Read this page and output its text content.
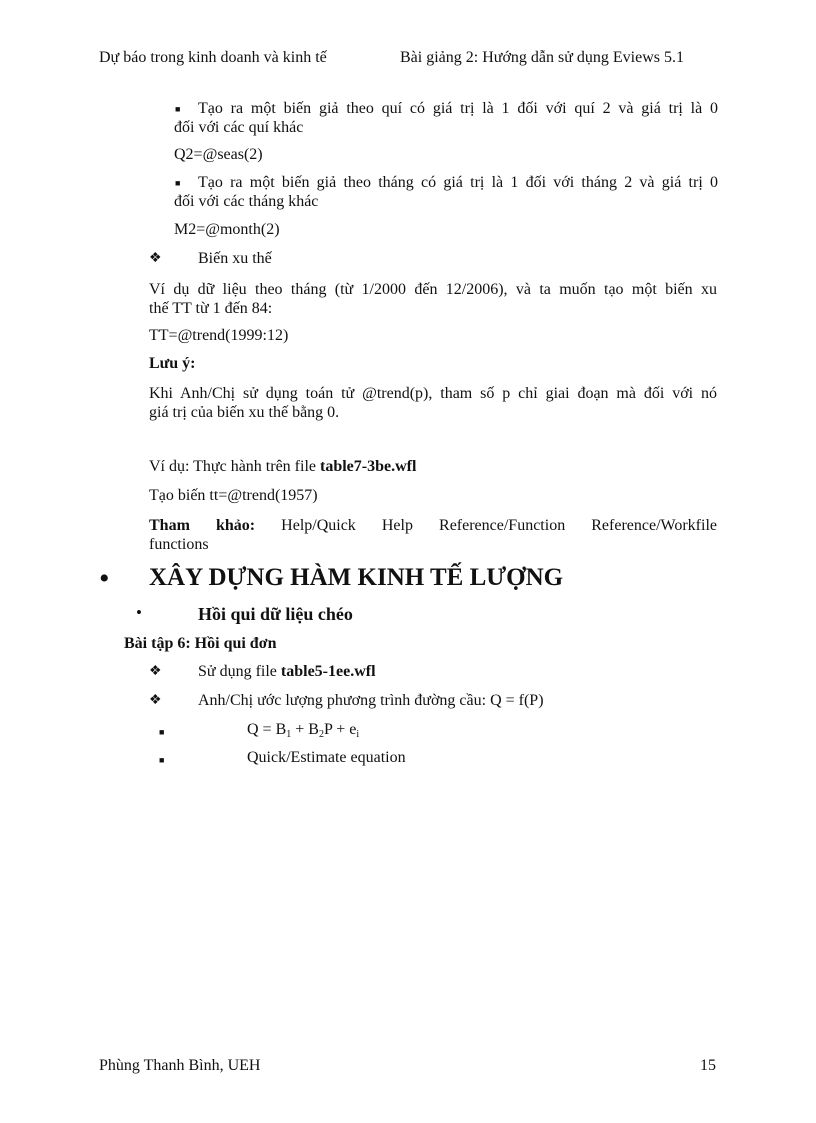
Dự báo trong kinh doanh và kinh tế	Bài giảng 2: Hướng dẫn sử dụng Eviews 5.1
■	Tạo ra một biến giả theo quí có giá trị là 1 đối với quí 2 và giá trị là 0
đối với các quí khác
Q2=@seas(2)
■	Tạo ra một biến giả theo tháng có giá trị là 1 đối với tháng 2 và giá trị 0
đối với các tháng khác
M2=@month(2)
❖ Biến xu thế
Ví dụ dữ liệu theo tháng (từ 1/2000 đến 12/2006), và ta muốn tạo một biến xu
thế TT từ 1 đến 84:
TT=@trend(1999:12)
Lưu ý:
Khi Anh/Chị sử dụng toán tử @trend(p), tham số p chỉ giai đoạn mà đối với nó
giá trị của biến xu thế bằng 0.
Ví dụ: Thực hành trên file table7-3be.wfl
Tạo biến tt=@trend(1957)
Tham khảo: Help/Quick Help Reference/Function Reference/Workfile
functions
• XÂY DỰNG HÀM KINH TẾ LƯỢNG
•	Hồi qui dữ liệu chéo
Bài tập 6: Hồi qui đơn
❖ Sử dụng file table5-1ee.wfl
❖ Anh/Chị ước lượng phương trình đường cầu: Q = f(P)
■	$Q = B_1 + B_2P + e_i$
■	Quick/Estimate equation
Phùng Thanh Bình, UEH	15
